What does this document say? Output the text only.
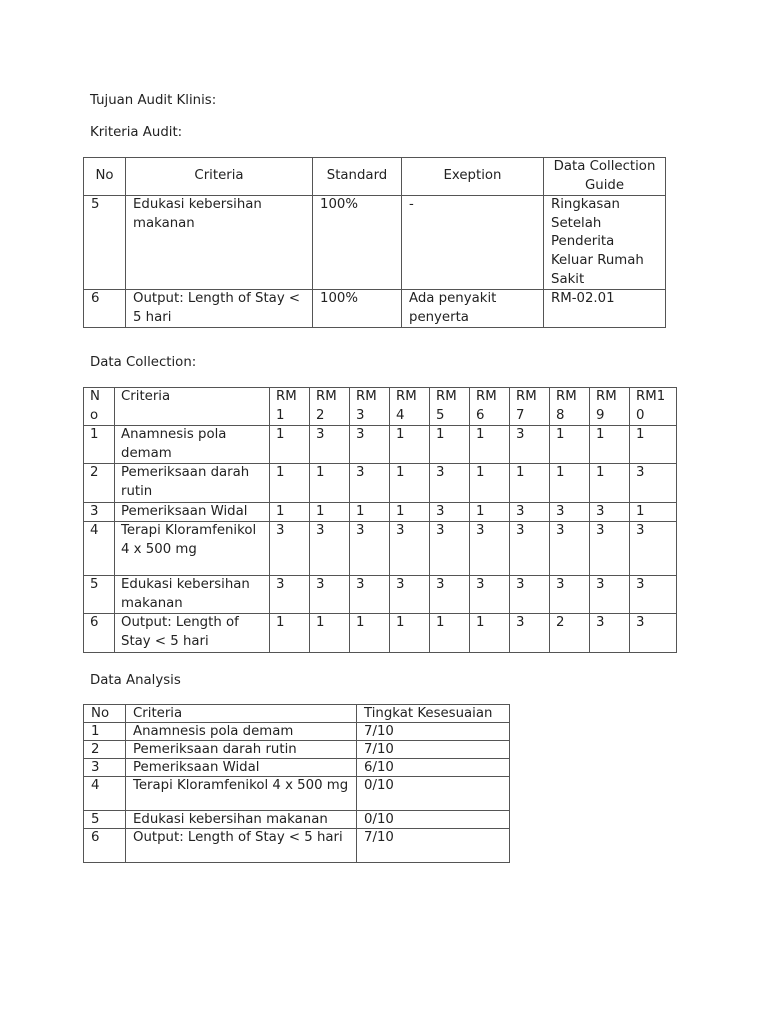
Tujuan Audit Klinis:
Kriteria Audit:
No	Criteria	Standard	Exeption	Data Collection Guide
5	Edukasi kebersihan makanan	100%	-	Ringkasan Setelah Penderita Keluar Rumah Sakit
6	Output: Length of Stay < 5 hari	100%	Ada penyakit penyerta	RM-02.01
Data Collection:
No	Criteria	RM 1	RM 2	RM 3	RM 4	RM 5	RM 6	RM 7	RM 8	RM 9	RM10
1	Anamnesis pola demam	1	3	3	1	1	1	3	1	1	1
2	Pemeriksaan darah rutin	1	1	3	1	3	1	1	1	1	3
3	Pemeriksaan Widal	1	1	1	1	3	1	3	3	3	1
4	Terapi Kloramfenikol 4 x 500 mg	3	3	3	3	3	3	3	3	3	3
5	Edukasi kebersihan makanan	3	3	3	3	3	3	3	3	3	3
6	Output: Length of Stay < 5 hari	1	1	1	1	1	1	3	2	3	3
Data Analysis
No	Criteria	Tingkat Kesesuaian
1	Anamnesis pola demam	7/10
2	Pemeriksaan darah rutin	7/10
3	Pemeriksaan Widal	6/10
4	Terapi Kloramfenikol 4 x 500 mg	0/10
5	Edukasi kebersihan makanan	0/10
6	Output: Length of Stay < 5 hari	7/10
